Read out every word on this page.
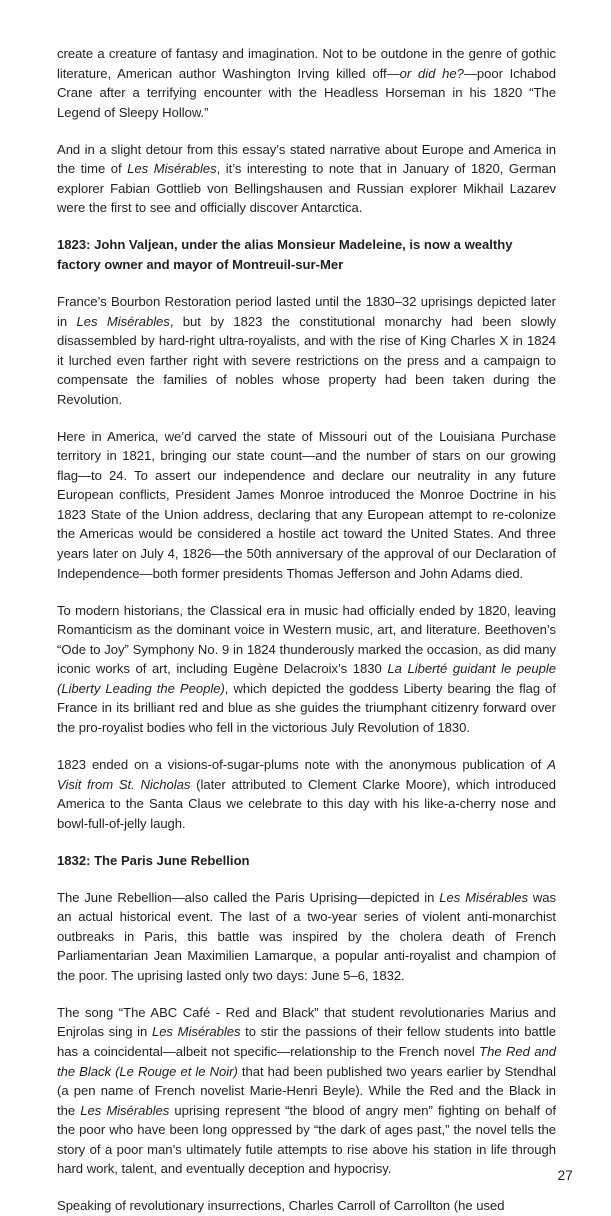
create a creature of fantasy and imagination. Not to be outdone in the genre of gothic literature, American author Washington Irving killed off—or did he?—poor Ichabod Crane after a terrifying encounter with the Headless Horseman in his 1820 “The Legend of Sleepy Hollow.”

And in a slight detour from this essay’s stated narrative about Europe and America in the time of Les Misérables, it’s interesting to note that in January of 1820, German explorer Fabian Gottlieb von Bellingshausen and Russian explorer Mikhail Lazarev were the first to see and officially discover Antarctica.

1823: John Valjean, under the alias Monsieur Madeleine, is now a wealthy factory owner and mayor of Montreuil-sur-Mer

France’s Bourbon Restoration period lasted until the 1830–32 uprisings depicted later in Les Misérables, but by 1823 the constitutional monarchy had been slowly disassembled by hard-right ultra-royalists, and with the rise of King Charles X in 1824 it lurched even farther right with severe restrictions on the press and a campaign to compensate the families of nobles whose property had been taken during the Revolution.

Here in America, we’d carved the state of Missouri out of the Louisiana Purchase territory in 1821, bringing our state count—and the number of stars on our growing flag—to 24. To assert our independence and declare our neutrality in any future European conflicts, President James Monroe introduced the Monroe Doctrine in his 1823 State of the Union address, declaring that any European attempt to re-colonize the Americas would be considered a hostile act toward the United States. And three years later on July 4, 1826—the 50th anniversary of the approval of our Declaration of Independence—both former presidents Thomas Jefferson and John Adams died.

To modern historians, the Classical era in music had officially ended by 1820, leaving Romanticism as the dominant voice in Western music, art, and literature. Beethoven’s “Ode to Joy” Symphony No. 9 in 1824 thunderously marked the occasion, as did many iconic works of art, including Eugène Delacroix’s 1830 La Liberté guidant le peuple (Liberty Leading the People), which depicted the goddess Liberty bearing the flag of France in its brilliant red and blue as she guides the triumphant citizenry forward over the pro-royalist bodies who fell in the victorious July Revolution of 1830.

1823 ended on a visions-of-sugar-plums note with the anonymous publication of A Visit from St. Nicholas (later attributed to Clement Clarke Moore), which introduced America to the Santa Claus we celebrate to this day with his like-a-cherry nose and bowl-full-of-jelly laugh.

1832: The Paris June Rebellion

The June Rebellion—also called the Paris Uprising—depicted in Les Misérables was an actual historical event. The last of a two-year series of violent anti-monarchist outbreaks in Paris, this battle was inspired by the cholera death of French Parliamentarian Jean Maximilien Lamarque, a popular anti-royalist and champion of the poor. The uprising lasted only two days: June 5–6, 1832.

The song “The ABC Café - Red and Black” that student revolutionaries Marius and Enjrolas sing in Les Misérables to stir the passions of their fellow students into battle has a coincidental—albeit not specific—relationship to the French novel The Red and the Black (Le Rouge et le Noir) that had been published two years earlier by Stendhal (a pen name of French novelist Marie-Henri Beyle). While the Red and the Black in the Les Misérables uprising represent “the blood of angry men” fighting on behalf of the poor who have been long oppressed by “the dark of ages past,” the novel tells the story of a poor man’s ultimately futile attempts to rise above his station in life through hard work, talent, and eventually deception and hypocrisy.

Speaking of revolutionary insurrections, Charles Carroll of Carrollton (he used

27
